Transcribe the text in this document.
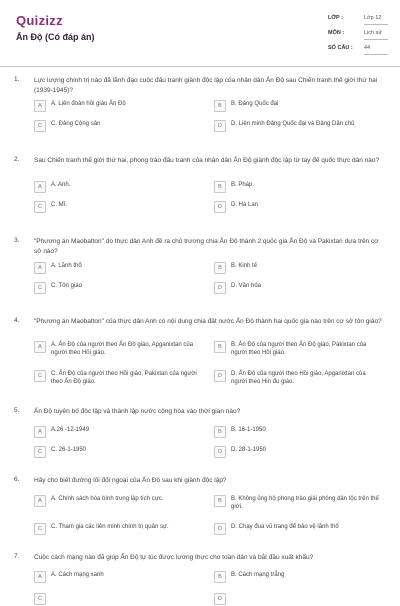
Quizizz
Ấn Độ (Có đáp án)
LỚP :	Lớp 12
MÔN :	Lịch sử
SỐ CÂU : 44
1. Lực lượng chính trị nào đã lãnh đạo cuộc đấu tranh giành độc lập của nhân dân Ấn Độ sau Chiến tranh thế giới thứ hai (1939-1945)?
A	A. Liên đoàn hồi giáo Ấn Độ	B	B. Đảng Quốc đại
C	C. Đảng Cộng sản	D	D. Liên minh Đảng Quốc đại và Đảng Dân chủ
2. Sau Chiến tranh thế giới thứ hai, phong trào đấu tranh của nhân dân Ấn Độ giành độc lập từ tay đế quốc thực dân nào?
A	A. Anh.	B	B. Pháp.
C	C. Mĩ.	D	D. Hà Lan
3. "Phương án Maobatton" do thực dân Anh đề ra chủ trương chia Ấn Độ thành 2 quốc gia Ấn Độ và Pakixtan dựa trên cơ sở nào?
A	A. Lãnh thổ	B	B. Kinh tế
C	C. Tôn giáo	D	D. Văn hóa
4. "Phương án Maobatton" của thực dân Anh có nội dung chia đất nước Ấn Độ thành hai quốc gia nào trên cơ sở tôn giáo?
A	A. Ấn Độ của người theo Ấn Độ giáo, Apganixtan của người theo Hồi giáo.
B	B. Ấn Độ của người theo Ấn Độ giáo, Pakixtan của người theo Hồi giáo.
C	C. Ấn Độ của người theo Hồi giáo, Pakixtan của người theo Ấn Độ giáo.
D	D. Ấn Độ của người theo Hồi giáo, Apganixtan của người theo Hin đu giáo.
5. Ấn Độ tuyên bố độc lập và thành lập nước cộng hòa vào thời gian nào?
A	A.26 -12-1949	B	B. 16-1-1950
C	C. 26-1-1950	D	D. 28-1-1950
6. Hãy cho biết đường lối đối ngoại của Ấn Độ sau khi giành độc lập?
A	A. Chính sách hòa bình trung lập tích cực.	B	B. Không ủng hộ phong trào giải phóng dân tộc trên thế giới.
C	C. Tham gia các liên minh chính trị quân sự.	D	D. Chạy đua vũ trang để bảo vệ lãnh thổ
7. Cuộc cách mạng nào đã giúp Ấn Độ tự túc được lương thực cho toàn dân và bắt đầu xuất khẩu?
A	A. Cách mạng xanh	B	B. Cách mạng trắng
C	D
